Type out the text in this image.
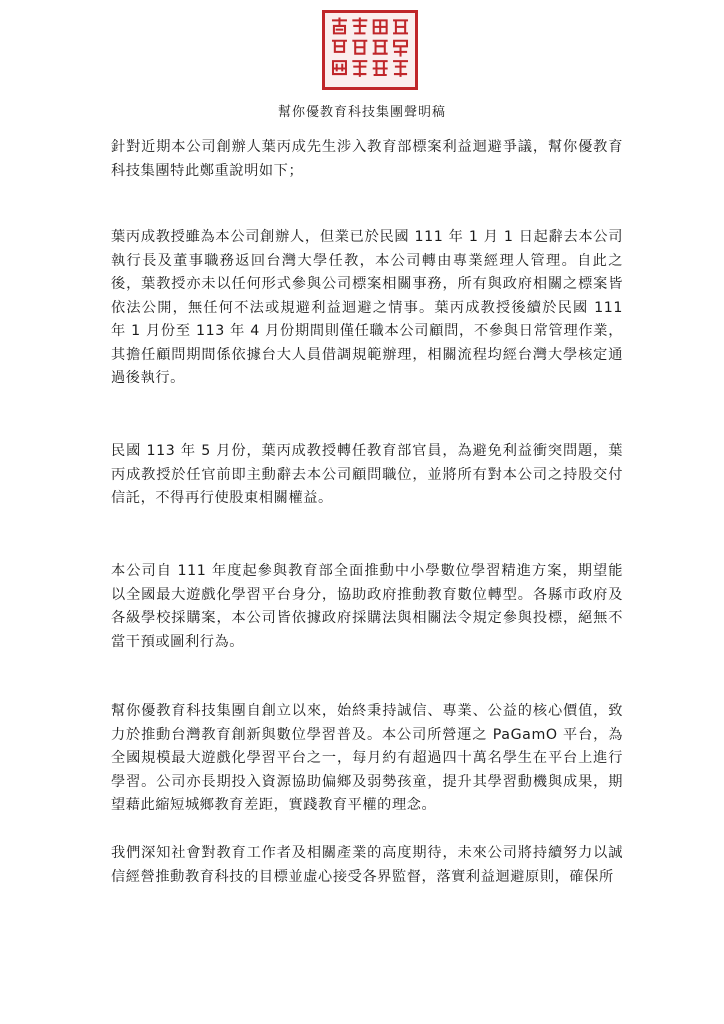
幫你優教育科技集團聲明稿

針對近期本公司創辦人葉丙成先生涉入教育部標案利益迴避爭議，幫你優教育科技集團特此鄭重說明如下；

葉丙成教授雖為本公司創辦人，但業已於民國 111 年 1 月 1 日起辭去本公司執行長及董事職務返回台灣大學任教，本公司轉由專業經理人管理。自此之後，葉教授亦未以任何形式參與公司標案相關事務，所有與政府相關之標案皆依法公開，無任何不法或規避利益迴避之情事。葉丙成教授後續於民國 111 年 1 月份至 113 年 4 月份期間則僅任職本公司顧問，不參與日常管理作業，其擔任顧問期間係依據台大人員借調規範辦理，相關流程均經台灣大學核定通過後執行。

民國 113 年 5 月份，葉丙成教授轉任教育部官員，為避免利益衝突問題，葉丙成教授於任官前即主動辭去本公司顧問職位，並將所有對本公司之持股交付信託，不得再行使股東相關權益。

本公司自 111 年度起參與教育部全面推動中小學數位學習精進方案，期望能以全國最大遊戲化學習平台身分，協助政府推動教育數位轉型。各縣市政府及各級學校採購案，本公司皆依據政府採購法與相關法令規定參與投標，絕無不當干預或圖利行為。

幫你優教育科技集團自創立以來，始終秉持誠信、專業、公益的核心價值，致力於推動台灣教育創新與數位學習普及。本公司所營運之 PaGamO 平台，為全國規模最大遊戲化學習平台之一，每月約有超過四十萬名學生在平台上進行學習。公司亦長期投入資源協助偏鄉及弱勢孩童，提升其學習動機與成果，期望藉此縮短城鄉教育差距，實踐教育平權的理念。

我們深知社會對教育工作者及相關產業的高度期待，未來公司將持續努力以誠信經營推動教育科技的目標並虛心接受各界監督，落實利益迴避原則，確保所
